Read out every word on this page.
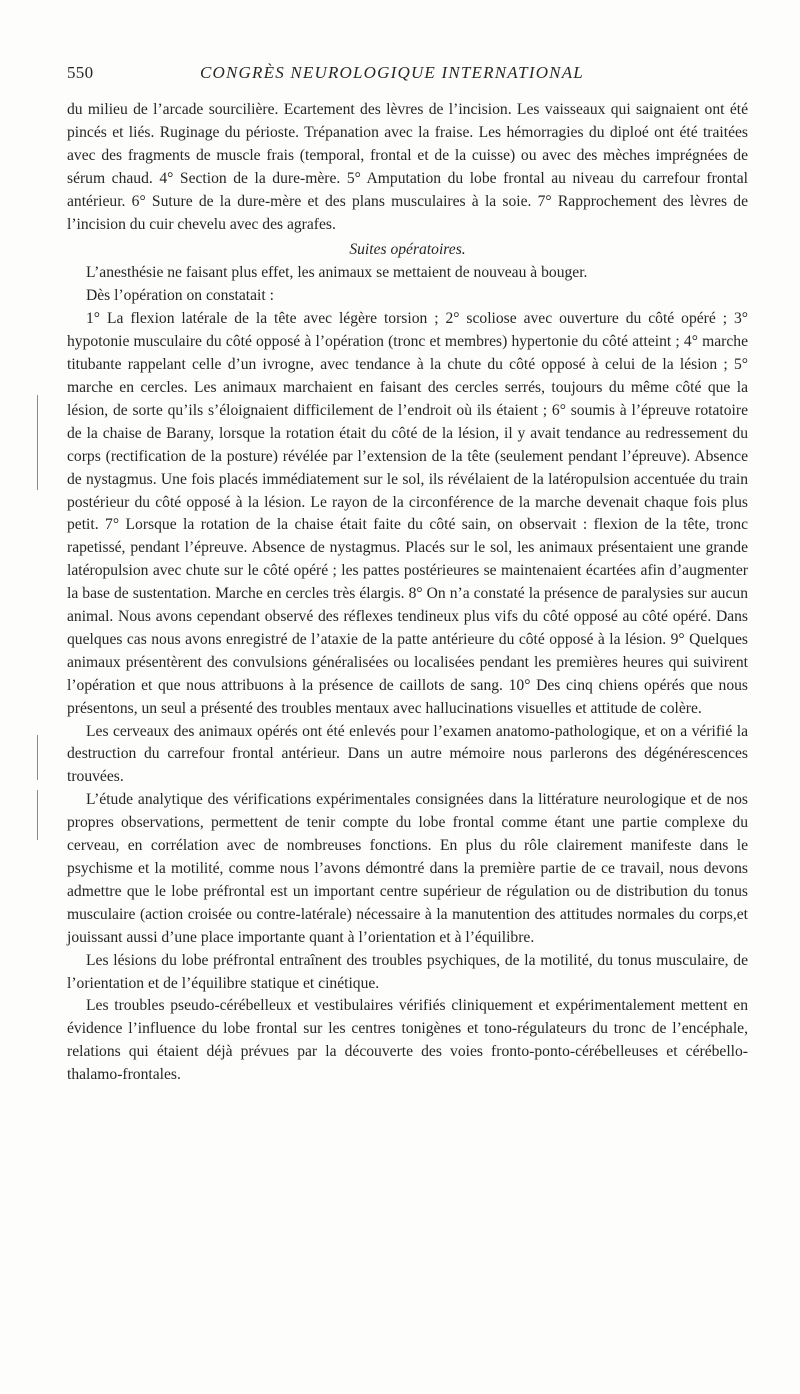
550	CONGRÈS NEUROLOGIQUE INTERNATIONAL

du milieu de l’arcade sourcilière. Ecartement des lèvres de l’incision. Les vaisseaux qui saignaient ont été pincés et liés. Ruginage du périoste. Trépanation avec la fraise. Les hémorragies du diploé ont été traitées avec des fragments de muscle frais (temporal, frontal et de la cuisse) ou avec des mèches imprégnées de sérum chaud. 4° Section de la dure-mère. 5° Amputation du lobe frontal au niveau du carrefour frontal antérieur. 6° Suture de la dure-mère et des plans musculaires à la soie. 7° Rapprochement des lèvres de l’incision du cuir chevelu avec des agrafes.

Suites opératoires.

L’anesthésie ne faisant plus effet, les animaux se mettaient de nouveau à bouger.

Dès l’opération on constatait :

1° La flexion latérale de la tête avec légère torsion ; 2° scoliose avec ouverture du côté opéré ; 3° hypotonie musculaire du côté opposé à l’opération (tronc et membres) hypertonie du côté atteint ; 4° marche titubante rappelant celle d’un ivrogne, avec tendance à la chute du côté opposé à celui de la lésion ; 5° marche en cercles. Les animaux marchaient en faisant des cercles serrés, toujours du même côté que la lésion, de sorte qu’ils s’éloignaient difficilement de l’endroit où ils étaient ; 6° soumis à l’épreuve rotatoire de la chaise de Barany, lorsque la rotation était du côté de la lésion, il y avait tendance au redressement du corps (rectification de la posture) révélée par l’extension de la tête (seulement pendant l’épreuve). Absence de nystagmus. Une fois placés immédiatement sur le sol, ils révélaient de la latéropulsion accentuée du train postérieur du côté opposé à la lésion. Le rayon de la circonférence de la marche devenait chaque fois plus petit. 7° Lorsque la rotation de la chaise était faite du côté sain, on observait : flexion de la tête, tronc rapetissé, pendant l’épreuve. Absence de nystagmus. Placés sur le sol, les animaux présentaient une grande latéropulsion avec chute sur le côté opéré ; les pattes postérieures se maintenaient écartées afin d’augmenter la base de sustentation. Marche en cercles très élargis. 8° On n’a constaté la présence de paralysies sur aucun animal. Nous avons cependant observé des réflexes tendineux plus vifs du côté opposé au côté opéré. Dans quelques cas nous avons enregistré de l’ataxie de la patte antérieure du côté opposé à la lésion. 9° Quelques animaux présentèrent des convulsions généralisées ou localisées pendant les premières heures qui suivirent l’opération et que nous attribuons à la présence de caillots de sang. 10° Des cinq chiens opérés que nous présentons, un seul a présenté des troubles mentaux avec hallucinations visuelles et attitude de colère.

Les cerveaux des animaux opérés ont été enlevés pour l’examen anatomo-pathologique, et on a vérifié la destruction du carrefour frontal antérieur. Dans un autre mémoire nous parlerons des dégénérescences trouvées.

L’étude analytique des vérifications expérimentales consignées dans la littérature neurologique et de nos propres observations, permettent de tenir compte du lobe frontal comme étant une partie complexe du cerveau, en corrélation avec de nombreuses fonctions. En plus du rôle clairement manifeste dans le psychisme et la motilité, comme nous l’avons démontré dans la première partie de ce travail, nous devons admettre que le lobe préfrontal est un important centre supérieur de régulation ou de distribution du tonus musculaire (action croisée ou contre-latérale) nécessaire à la manutention des attitudes normales du corps,et jouissant aussi d’une place importante quant à l’orientation et à l’équilibre.

Les lésions du lobe préfrontal entraînent des troubles psychiques, de la motilité, du tonus musculaire, de l’orientation et de l’équilibre statique et cinétique.

Les troubles pseudo-cérébelleux et vestibulaires vérifiés cliniquement et expérimentalement mettent en évidence l’influence du lobe frontal sur les centres tonigènes et tono-régulateurs du tronc de l’encéphale, relations qui étaient déjà prévues par la découverte des voies fronto-ponto-cérébelleuses et cérébello-thalamo-frontales.
